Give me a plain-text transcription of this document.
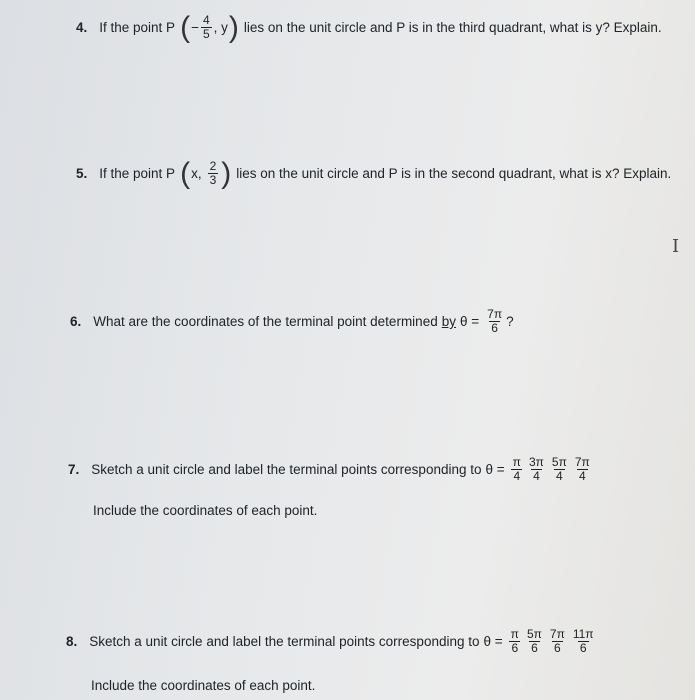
4. If the point P ( − $\frac{4}{5}$ , y ) lies on the unit circle and P is in the third quadrant, what is y? Explain.
5. If the point P ( x, $\frac{2}{3}$ ) lies on the unit circle and P is in the second quadrant, what is x? Explain.
I
6. What are the coordinates of the terminal point determined by $\theta = \frac{7\pi}{6}$ ?
7. Sketch a unit circle and label the terminal points corresponding to $\theta = \frac{\pi}{4} \frac{3\pi}{4} \frac{5\pi}{4} \frac{7\pi}{4}$
Include the coordinates of each point.
8. Sketch a unit circle and label the terminal points corresponding to $\theta = \frac{\pi}{6} \frac{5\pi}{6} \frac{7\pi}{6} \frac{11\pi}{6}$
Include the coordinates of each point.
